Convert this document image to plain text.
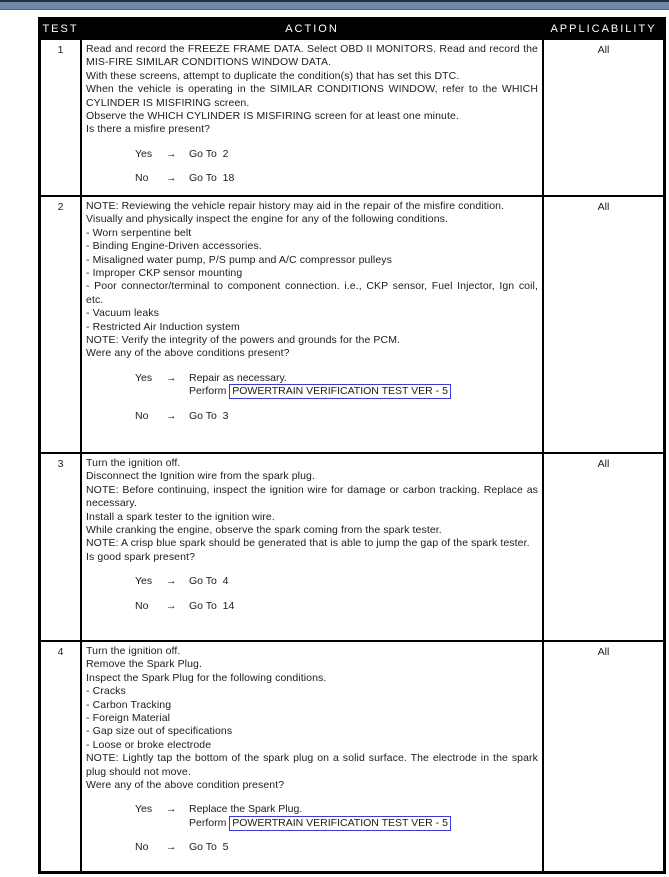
TEST	ACTION	APPLICABILITY
1	Read and record the FREEZE FRAME DATA. Select OBD II MONITORS. Read and record the MIS-FIRE SIMILAR CONDITIONS WINDOW DATA.
With these screens, attempt to duplicate the condition(s) that has set this DTC.
When the vehicle is operating in the SIMILAR CONDITIONS WINDOW, refer to the WHICH CYLINDER IS MISFIRING screen.
Observe the WHICH CYLINDER IS MISFIRING screen for at least one minute.
Is there a misfire present?
Yes	→	Go To  2
No	→	Go To  18
	All
2	NOTE: Reviewing the vehicle repair history may aid in the repair of the misfire condition.
Visually and physically inspect the engine for any of the following conditions.
- Worn serpentine belt
- Binding Engine-Driven accessories.
- Misaligned water pump, P/S pump and A/C compressor pulleys
- Improper CKP sensor mounting
- Poor connector/terminal to component connection. i.e., CKP sensor, Fuel Injector, Ign coil, etc.
- Vacuum leaks
- Restricted Air Induction system
NOTE: Verify the integrity of the powers and grounds for the PCM.
Were any of the above conditions present?
Yes	→	Repair as necessary.
Perform POWERTRAIN VERIFICATION TEST VER - 5
No	→	Go To  3
	All
3	Turn the ignition off.
Disconnect the Ignition wire from the spark plug.
NOTE: Before continuing, inspect the ignition wire for damage or carbon tracking. Replace as necessary.
Install a spark tester to the ignition wire.
While cranking the engine, observe the spark coming from the spark tester.
NOTE: A crisp blue spark should be generated that is able to jump the gap of the spark tester.
Is good spark present?
Yes	→	Go To  4
No	→	Go To  14
	All
4	Turn the ignition off.
Remove the Spark Plug.
Inspect the Spark Plug for the following conditions.
- Cracks
- Carbon Tracking
- Foreign Material
- Gap size out of specifications
- Loose or broke electrode
NOTE: Lightly tap the bottom of the spark plug on a solid surface. The electrode in the spark plug should not move.
Were any of the above condition present?
Yes	→	Replace the Spark Plug.
Perform POWERTRAIN VERIFICATION TEST VER - 5
No	→	Go To  5
	All
